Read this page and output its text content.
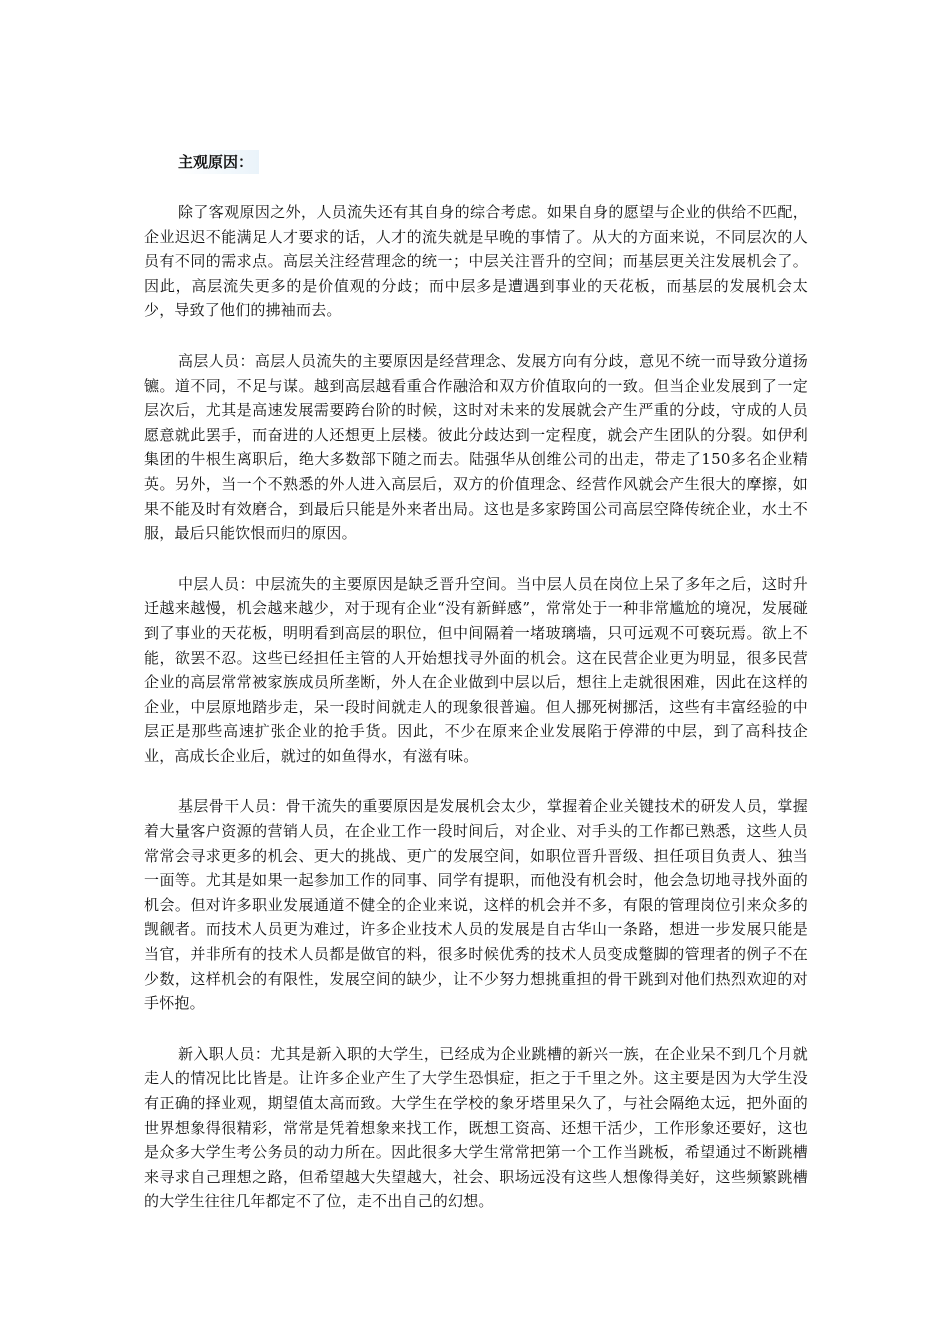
主观原因：

除了客观原因之外，人员流失还有其自身的综合考虑。如果自身的愿望与企业的供给不匹配，企业迟迟不能满足人才要求的话，人才的流失就是早晚的事情了。从大的方面来说，不同层次的人员有不同的需求点。高层关注经营理念的统一；中层关注晋升的空间；而基层更关注发展机会了。因此，高层流失更多的是价值观的分歧；而中层多是遭遇到事业的天花板，而基层的发展机会太少，导致了他们的拂袖而去。

高层人员：高层人员流失的主要原因是经营理念、发展方向有分歧，意见不统一而导致分道扬镳。道不同，不足与谋。越到高层越看重合作融洽和双方价值取向的一致。但当企业发展到了一定层次后，尤其是高速发展需要跨台阶的时候，这时对未来的发展就会产生严重的分歧，守成的人员愿意就此罢手，而奋进的人还想更上层楼。彼此分歧达到一定程度，就会产生团队的分裂。如伊利集团的牛根生离职后，绝大多数部下随之而去。陆强华从创维公司的出走，带走了150多名企业精英。另外，当一个不熟悉的外人进入高层后，双方的价值理念、经营作风就会产生很大的摩擦，如果不能及时有效磨合，到最后只能是外来者出局。这也是多家跨国公司高层空降传统企业，水土不服，最后只能饮恨而归的原因。

中层人员：中层流失的主要原因是缺乏晋升空间。当中层人员在岗位上呆了多年之后，这时升迁越来越慢，机会越来越少，对于现有企业“没有新鲜感”，常常处于一种非常尴尬的境况，发展碰到了事业的天花板，明明看到高层的职位，但中间隔着一堵玻璃墙，只可远观不可亵玩焉。欲上不能，欲罢不忍。这些已经担任主管的人开始想找寻外面的机会。这在民营企业更为明显，很多民营企业的高层常常被家族成员所垄断，外人在企业做到中层以后，想往上走就很困难，因此在这样的企业，中层原地踏步走，呆一段时间就走人的现象很普遍。但人挪死树挪活，这些有丰富经验的中层正是那些高速扩张企业的抢手货。因此，不少在原来企业发展陷于停滞的中层，到了高科技企业，高成长企业后，就过的如鱼得水，有滋有味。

基层骨干人员：骨干流失的重要原因是发展机会太少，掌握着企业关键技术的研发人员，掌握着大量客户资源的营销人员，在企业工作一段时间后，对企业、对手头的工作都已熟悉，这些人员常常会寻求更多的机会、更大的挑战、更广的发展空间，如职位晋升晋级、担任项目负责人、独当一面等。尤其是如果一起参加工作的同事、同学有提职，而他没有机会时，他会急切地寻找外面的机会。但对许多职业发展通道不健全的企业来说，这样的机会并不多，有限的管理岗位引来众多的觊觎者。而技术人员更为难过，许多企业技术人员的发展是自古华山一条路，想进一步发展只能是当官，并非所有的技术人员都是做官的料，很多时候优秀的技术人员变成蹩脚的管理者的例子不在少数，这样机会的有限性，发展空间的缺少，让不少努力想挑重担的骨干跳到对他们热烈欢迎的对手怀抱。

新入职人员：尤其是新入职的大学生，已经成为企业跳槽的新兴一族，在企业呆不到几个月就走人的情况比比皆是。让许多企业产生了大学生恐惧症，拒之于千里之外。这主要是因为大学生没有正确的择业观，期望值太高而致。大学生在学校的象牙塔里呆久了，与社会隔绝太远，把外面的世界想象得很精彩，常常是凭着想象来找工作，既想工资高、还想干活少，工作形象还要好，这也是众多大学生考公务员的动力所在。因此很多大学生常常把第一个工作当跳板，希望通过不断跳槽来寻求自己理想之路，但希望越大失望越大，社会、职场远没有这些人想像得美好，这些频繁跳槽的大学生往往几年都定不了位，走不出自己的幻想。
